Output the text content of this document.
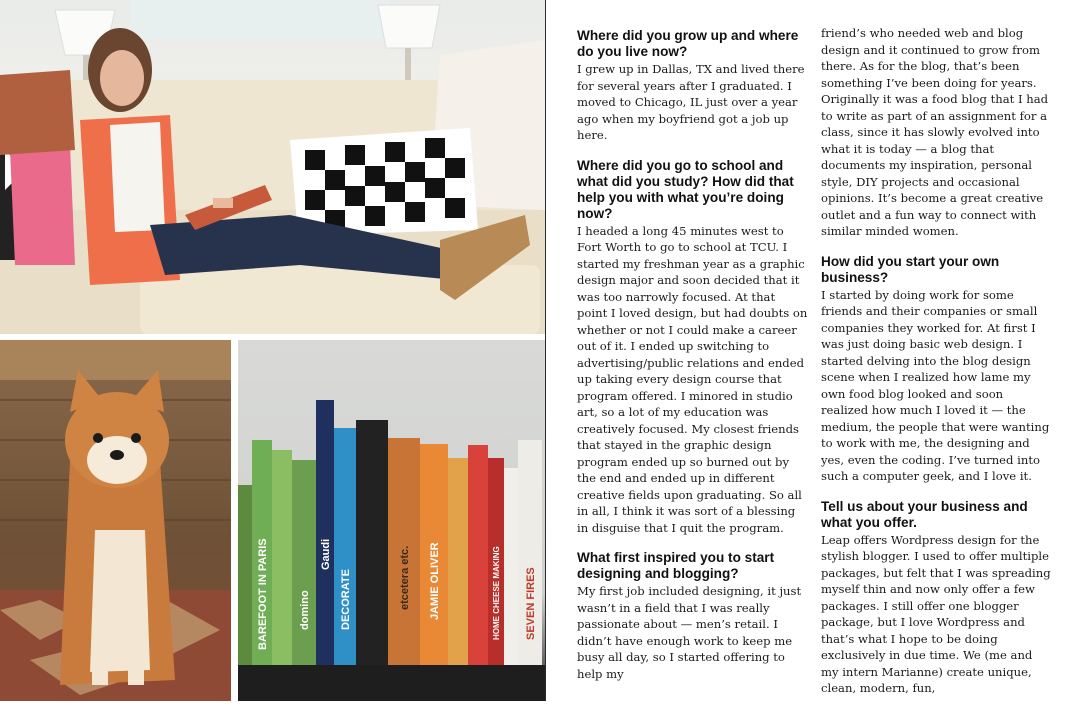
BAREFOOT IN PARIS	domino
Gaudi
DECORATE	etcetera etc. JAMIE OLIVER	SEVEN FIRES
HOME CHEESE MAKING

Where did you grow up and where do you live now?

I grew up in Dallas, TX and lived there for several years after I graduated. I moved to Chicago, IL just over a year ago when my boyfriend got a job up here.

Where did you go to school and what did you study? How did that help you with what you’re doing now?

I headed a long 45 minutes west to Fort Worth to go to school at TCU. I started my freshman year as a graphic design major and soon decided that it was too narrowly focused. At that point I loved design, but had doubts on whether or not I could make a career out of it. I ended up switching to advertising/public relations and ended up taking every design course that program offered. I minored in studio art, so a lot of my education was creatively focused. My closest friends that stayed in the graphic design program ended up so burned out by the end and ended up in different creative fields upon graduating. So all in all, I think it was sort of a blessing in disguise that I quit the program.

What first inspired you to start designing and blogging?

My first job included designing, it just wasn’t in a field that I was really passionate about — men’s retail. I didn’t have enough work to keep me busy all day, so I started offering to help my

friend’s who needed web and blog design and it continued to grow from there. As for the blog, that’s been something I’ve been doing for years. Originally it was a food blog that I had to write as part of an assignment for a class, since it has slowly evolved into what it is today — a blog that documents my inspiration, personal style, DIY projects and occasional opinions. It’s become a great creative outlet and a fun way to connect with similar minded women.

How did you start your own business?

I started by doing work for some friends and their companies or small companies they worked for. At first I was just doing basic web design. I started delving into the blog design scene when I realized how lame my own food blog looked and soon realized how much I loved it — the medium, the people that were wanting to work with me, the designing and yes, even the coding. I’ve turned into such a computer geek, and I love it.

Tell us about your business and what you offer.

Leap offers Wordpress design for the stylish blogger. I used to offer multiple packages, but felt that I was spreading myself thin and now only offer a few packages. I still offer one blogger package, but I love Wordpress and that’s what I hope to be doing exclusively in due time. We (me and my intern Marianne) create unique, clean, modern, fun,
